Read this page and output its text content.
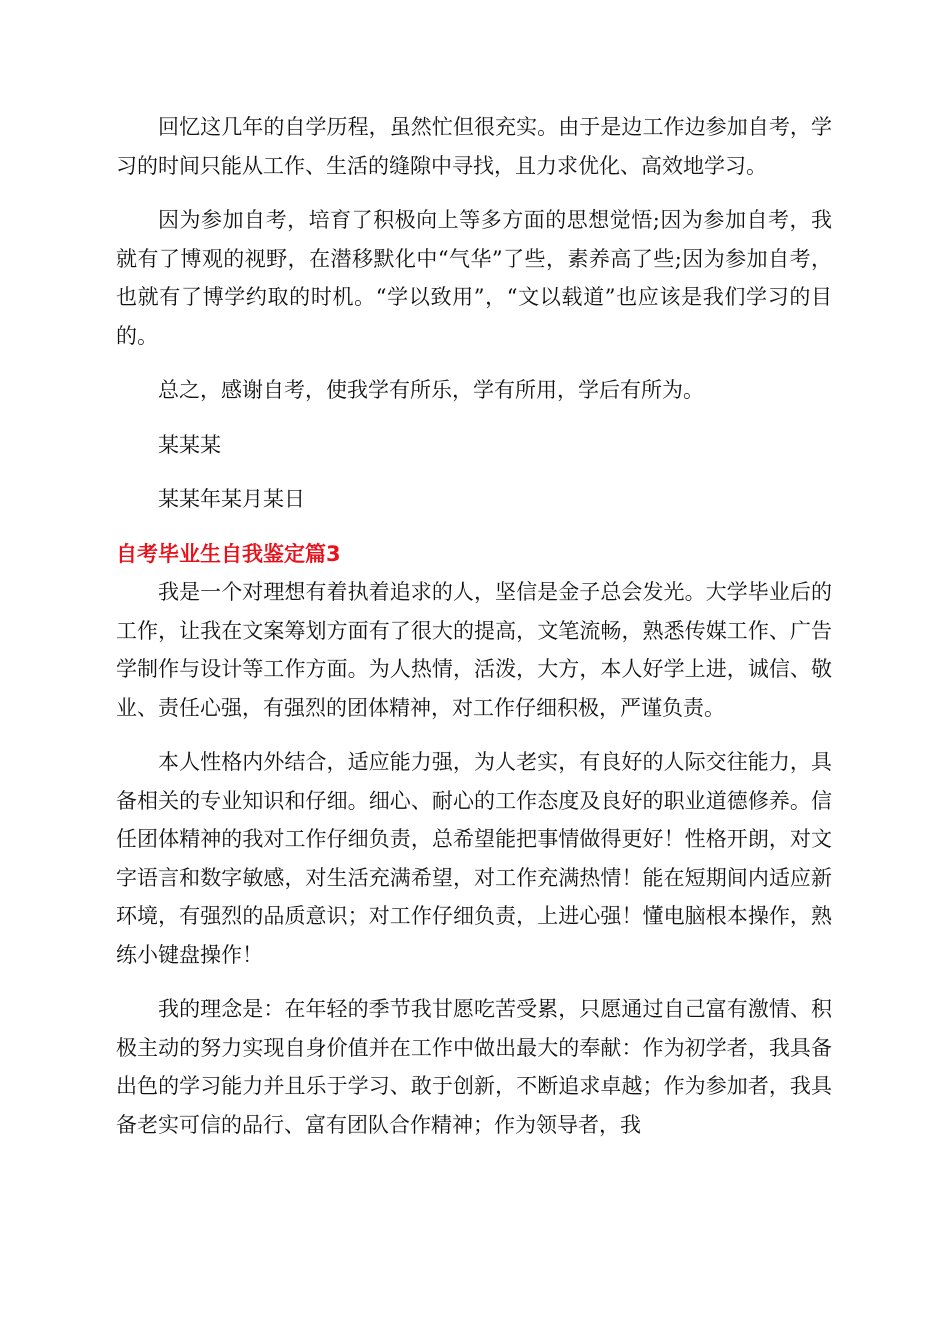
回忆这几年的自学历程，虽然忙但很充实。由于是边工作边参加自考，学习的时间只能从工作、生活的缝隙中寻找，且力求优化、高效地学习。

因为参加自考，培育了积极向上等多方面的思想觉悟;因为参加自考，我就有了博观的视野，在潜移默化中“气华”了些，素养高了些;因为参加自考，也就有了博学约取的时机。“学以致用”，“文以载道”也应该是我们学习的目的。

总之，感谢自考，使我学有所乐，学有所用，学后有所为。

某某某

某某年某月某日

自考毕业生自我鉴定篇3

我是一个对理想有着执着追求的人，坚信是金子总会发光。大学毕业后的工作，让我在文案筹划方面有了很大的提高，文笔流畅，熟悉传媒工作、广告学制作与设计等工作方面。为人热情，活泼，大方，本人好学上进，诚信、敬业、责任心强，有强烈的团体精神，对工作仔细积极，严谨负责。

本人性格内外结合，适应能力强，为人老实，有良好的人际交往能力，具备相关的专业知识和仔细。细心、耐心的工作态度及良好的职业道德修养。信任团体精神的我对工作仔细负责，总希望能把事情做得更好！性格开朗，对文字语言和数字敏感，对生活充满希望，对工作充满热情！能在短期间内适应新环境，有强烈的品质意识；对工作仔细负责，上进心强！懂电脑根本操作，熟练小键盘操作！

我的理念是：在年轻的季节我甘愿吃苦受累，只愿通过自己富有激情、积极主动的努力实现自身价值并在工作中做出最大的奉献：作为初学者，我具备出色的学习能力并且乐于学习、敢于创新，不断追求卓越；作为参加者，我具备老实可信的品行、富有团队合作精神；作为领导者，我
